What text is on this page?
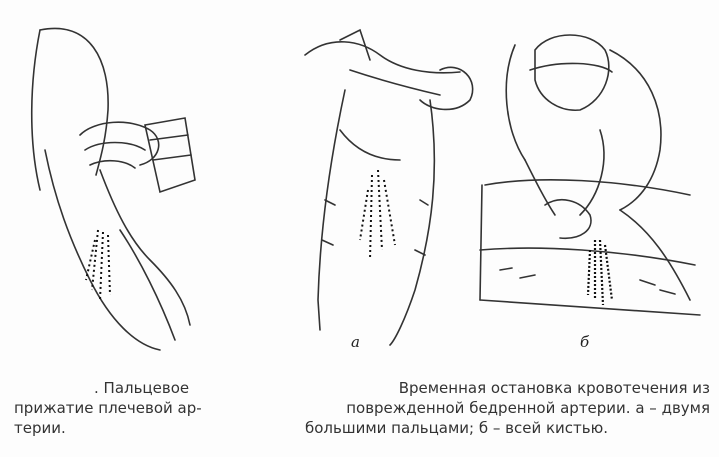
а	б
. Пальцевое
прижатие плечевой ар-
терии.
Временная остановка кровотечения из
поврежденной бедренной артерии. а – двумя
большими пальцами; б – всей кистью.
